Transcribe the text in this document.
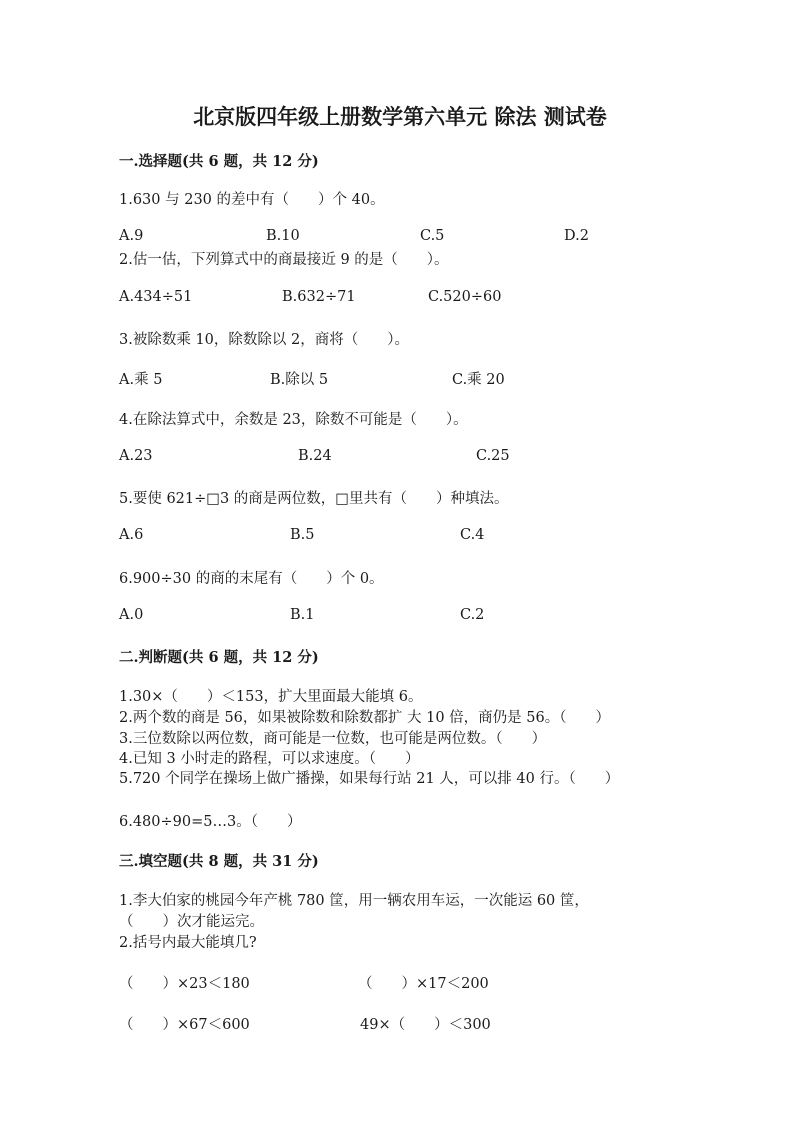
北京版四年级上册数学第六单元 除法 测试卷
一.选择题(共 6 题，共 12 分)
1.630 与 230 的差中有（　　）个 40。
A.9	B.10	C.5	D.2
2.估一估，下列算式中的商最接近 9 的是（　　）。
A.434÷51	B.632÷71	C.520÷60
3.被除数乘 10，除数除以 2，商将（　　）。
A.乘 5	B.除以 5	C.乘 20
4.在除法算式中，余数是 23，除数不可能是（　　）。
A.23	B.24	C.25
5.要使 621÷□3 的商是两位数，□里共有（　　）种填法。
A.6	B.5	C.4
6.900÷30 的商的末尾有（　　）个 0。
A.0	B.1	C.2
二.判断题(共 6 题，共 12 分)
1.30×（　　）＜153，扩大里面最大能填 6。
2.两个数的商是 56，如果被除数和除数都扩 大 10 倍，商仍是 56。（　　）
3.三位数除以两位数，商可能是一位数，也可能是两位数。（　　）
4.已知 3 小时走的路程，可以求速度。（　　）
5.720 个同学在操场上做广播操，如果每行站 21 人，可以排 40 行。（　　）
6.480÷90=5…3。（　　）
三.填空题(共 8 题，共 31 分)
1.李大伯家的桃园今年产桃 780 筐，用一辆农用车运，一次能运 60 筐，
（　　）次才能运完。
2.括号内最大能填几?
（　　）×23＜180	（　　）×17＜200
（　　）×67＜600	49×（　　）＜300
